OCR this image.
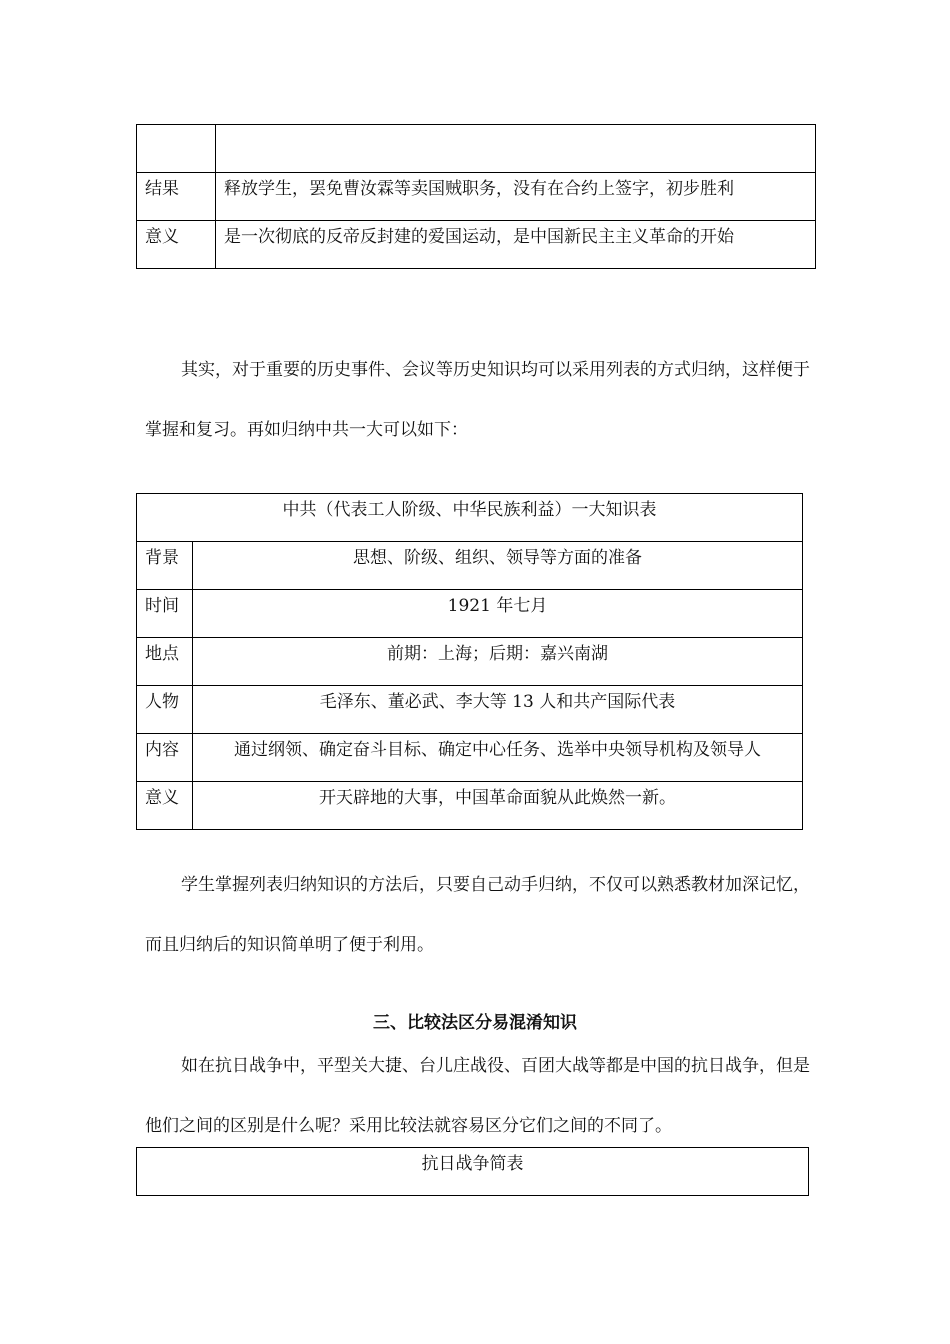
结果	释放学生，罢免曹汝霖等卖国贼职务，没有在合约上签字，初步胜利
意义	是一次彻底的反帝反封建的爱国运动，是中国新民主主义革命的开始

其实，对于重要的历史事件、会议等历史知识均可以采用列表的方式归纳，这样便于掌握和复习。再如归纳中共一大可以如下：

中共（代表工人阶级、中华民族利益）一大知识表	
背景	思想、阶级、组织、领导等方面的准备
时间	1921 年七月
地点	前期：上海；后期：嘉兴南湖
人物	毛泽东、董必武、李大等 13 人和共产国际代表
内容	通过纲领、确定奋斗目标、确定中心任务、选举中央领导机构及领导人
意义	开天辟地的大事，中国革命面貌从此焕然一新。

学生掌握列表归纳知识的方法后，只要自己动手归纳，不仅可以熟悉教材加深记忆，而且归纳后的知识简单明了便于利用。

三、比较法区分易混淆知识

如在抗日战争中，平型关大捷、台儿庄战役、百团大战等都是中国的抗日战争，但是他们之间的区别是什么呢？采用比较法就容易区分它们之间的不同了。

抗日战争简表
